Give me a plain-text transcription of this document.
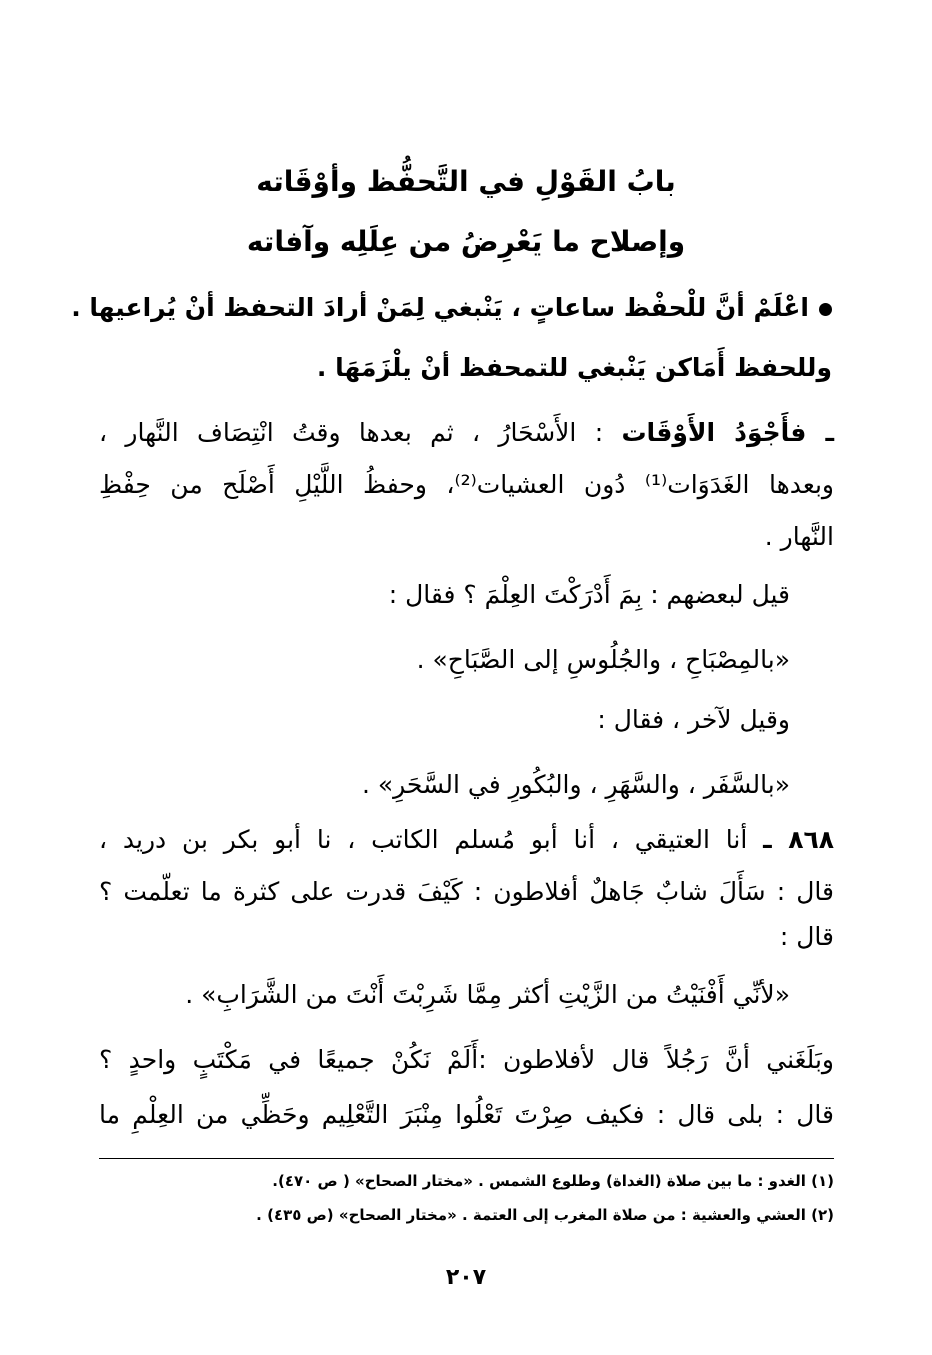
بابُ القَوْلِ في التَّحفُّظ وأوْقَاته
وإصلاح ما يَعْرِضُ من عِلَلِه وآفاته
اعْلَمْ أنَّ للْحفْظ ساعاتٍ ، يَنْبغي لِمَنْ أرادَ التحفظ أنْ يُراعيها .
وللحفظ أَمَاكن يَنْبغي للتمحفظ أنْ يلْزَمَهَا .
ـ فأَجْوَدُ الأَوْقَات : الأَسْحَارُ ، ثم بعدها وقتُ انْتِصَاف النَّهار ،
وبعدها الغَدَوَات⁽¹⁾ دُون العشيات⁽²⁾، وحفظُ اللَّيْلِ أَصْلَح من حِفْظِ
النَّهار .
قيل لبعضهم : بِمَ أَدْرَكْتَ العِلْمَ ؟ فقال :
«بالمِصْبَاحِ ، والجُلُوسِ إلى الصَّبَاحِ» .
وقيل لآخر ، فقال :
«بالسَّفَر ، والسَّهَرِ ، والبُكُورِ في السَّحَرِ» .
٨٦٨ ـ أنا العتيقي ، أنا أبو مُسلم الكاتب ، نا أبو بكر بن دريد ،
قال : سَأَلَ شابٌ جَاهلٌ أفلاطون : كَيْفَ قدرت على كثرة ما تعلّمت ؟
قال :
«لأنِّي أَفْنَيْتُ من الزَّيْتِ أكثر مِمَّا شَرِبْتَ أَنْتَ من الشَّرَابِ» .
وبَلَغَني أنَّ رَجُلاً قال لأفلاطون :أَلَمْ نَكُنْ جميعًا في مَكْتَبٍ واحدٍ ؟
قال : بلى قال : فكيف صِرْتَ تَعْلُوا مِنْبَرَ التَّعْلِيم وحَظِّي من العِلْمِ ما
(١) الغدو : ما بين صلاة (الغداة) وطلوع الشمس . «مختار الصحاح» ( ص ٤٧٠).
(٢) العشي والعشية : من صلاة المغرب إلى العتمة . «مختار الصحاح» (ص ٤٣٥) .
٢٠٧
